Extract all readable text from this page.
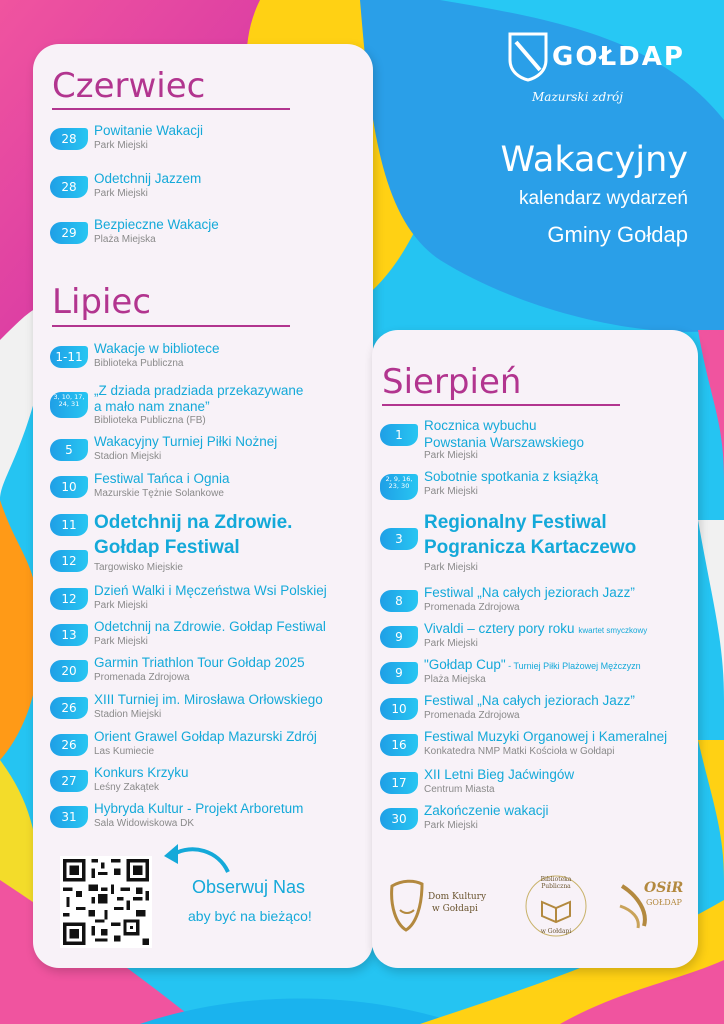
GOŁDAP
Mazurski zdrój
Wakacyjny
kalendarz wydarzeń
Gminy Gołdap
Czerwiec
28
Powitanie Wakacji
Park Miejski
28
Odetchnij Jazzem
Park Miejski
29
Bezpieczne Wakacje
Plaża Miejska
Lipiec
1-11
Wakacje w bibliotece
Biblioteka Publiczna
3, 10, 17, 24, 31
„Z dziada pradziada przekazywane
a mało nam znane”
Biblioteka Publiczna (FB)
5
Wakacyjny Turniej Piłki Nożnej
Stadion Miejski
10
Festiwal Tańca i Ognia
Mazurskie Tężnie Solankowe
11
12
Odetchnij na Zdrowie.
Gołdap Festiwal
Targowisko Miejskie
12
Dzień Walki i Męczeństwa Wsi Polskiej
Park Miejski
13
Odetchnij na Zdrowie. Gołdap Festiwal
Park Miejski
20
Garmin Triathlon Tour Gołdap 2025
Promenada Zdrojowa
26
XIII Turniej im. Mirosława Orłowskiego
Stadion Miejski
26
Orient Grawel Gołdap Mazurski Zdrój
Las Kumiecie
27
Konkurs Krzyku
Leśny Zakątek
31
Hybryda Kultur - Projekt Arboretum
Sala Widowiskowa DK
Sierpień
1
Rocznica wybuchu
Powstania Warszawskiego
Park Miejski
2, 9, 16, 23, 30
Sobotnie spotkania z książką
Park Miejski
3
Regionalny Festiwal
Pogranicza Kartaczewo
Park Miejski
8
Festiwal „Na całych jeziorach Jazz”
Promenada Zdrojowa
9
Vivaldi – cztery pory roku kwartet smyczkowy
Park Miejski
9
"Gołdap Cup" - Turniej Piłki Plażowej Mężczyzn
Plaża Miejska
10
Festiwal „Na całych jeziorach Jazz”
Promenada Zdrojowa
16
Festiwal Muzyki Organowej i Kameralnej
Konkatedra NMP Matki Kościoła w Gołdapi
17
XII Letni Bieg Jaćwingów
Centrum Miasta
30
Zakończenie wakacji
Park Miejski
Obserwuj Nas
aby być na bieżąco!
Dom Kultury
w Gołdapi
Biblioteka Publiczna
w Gołdapi
OSiR
GOŁDAP
